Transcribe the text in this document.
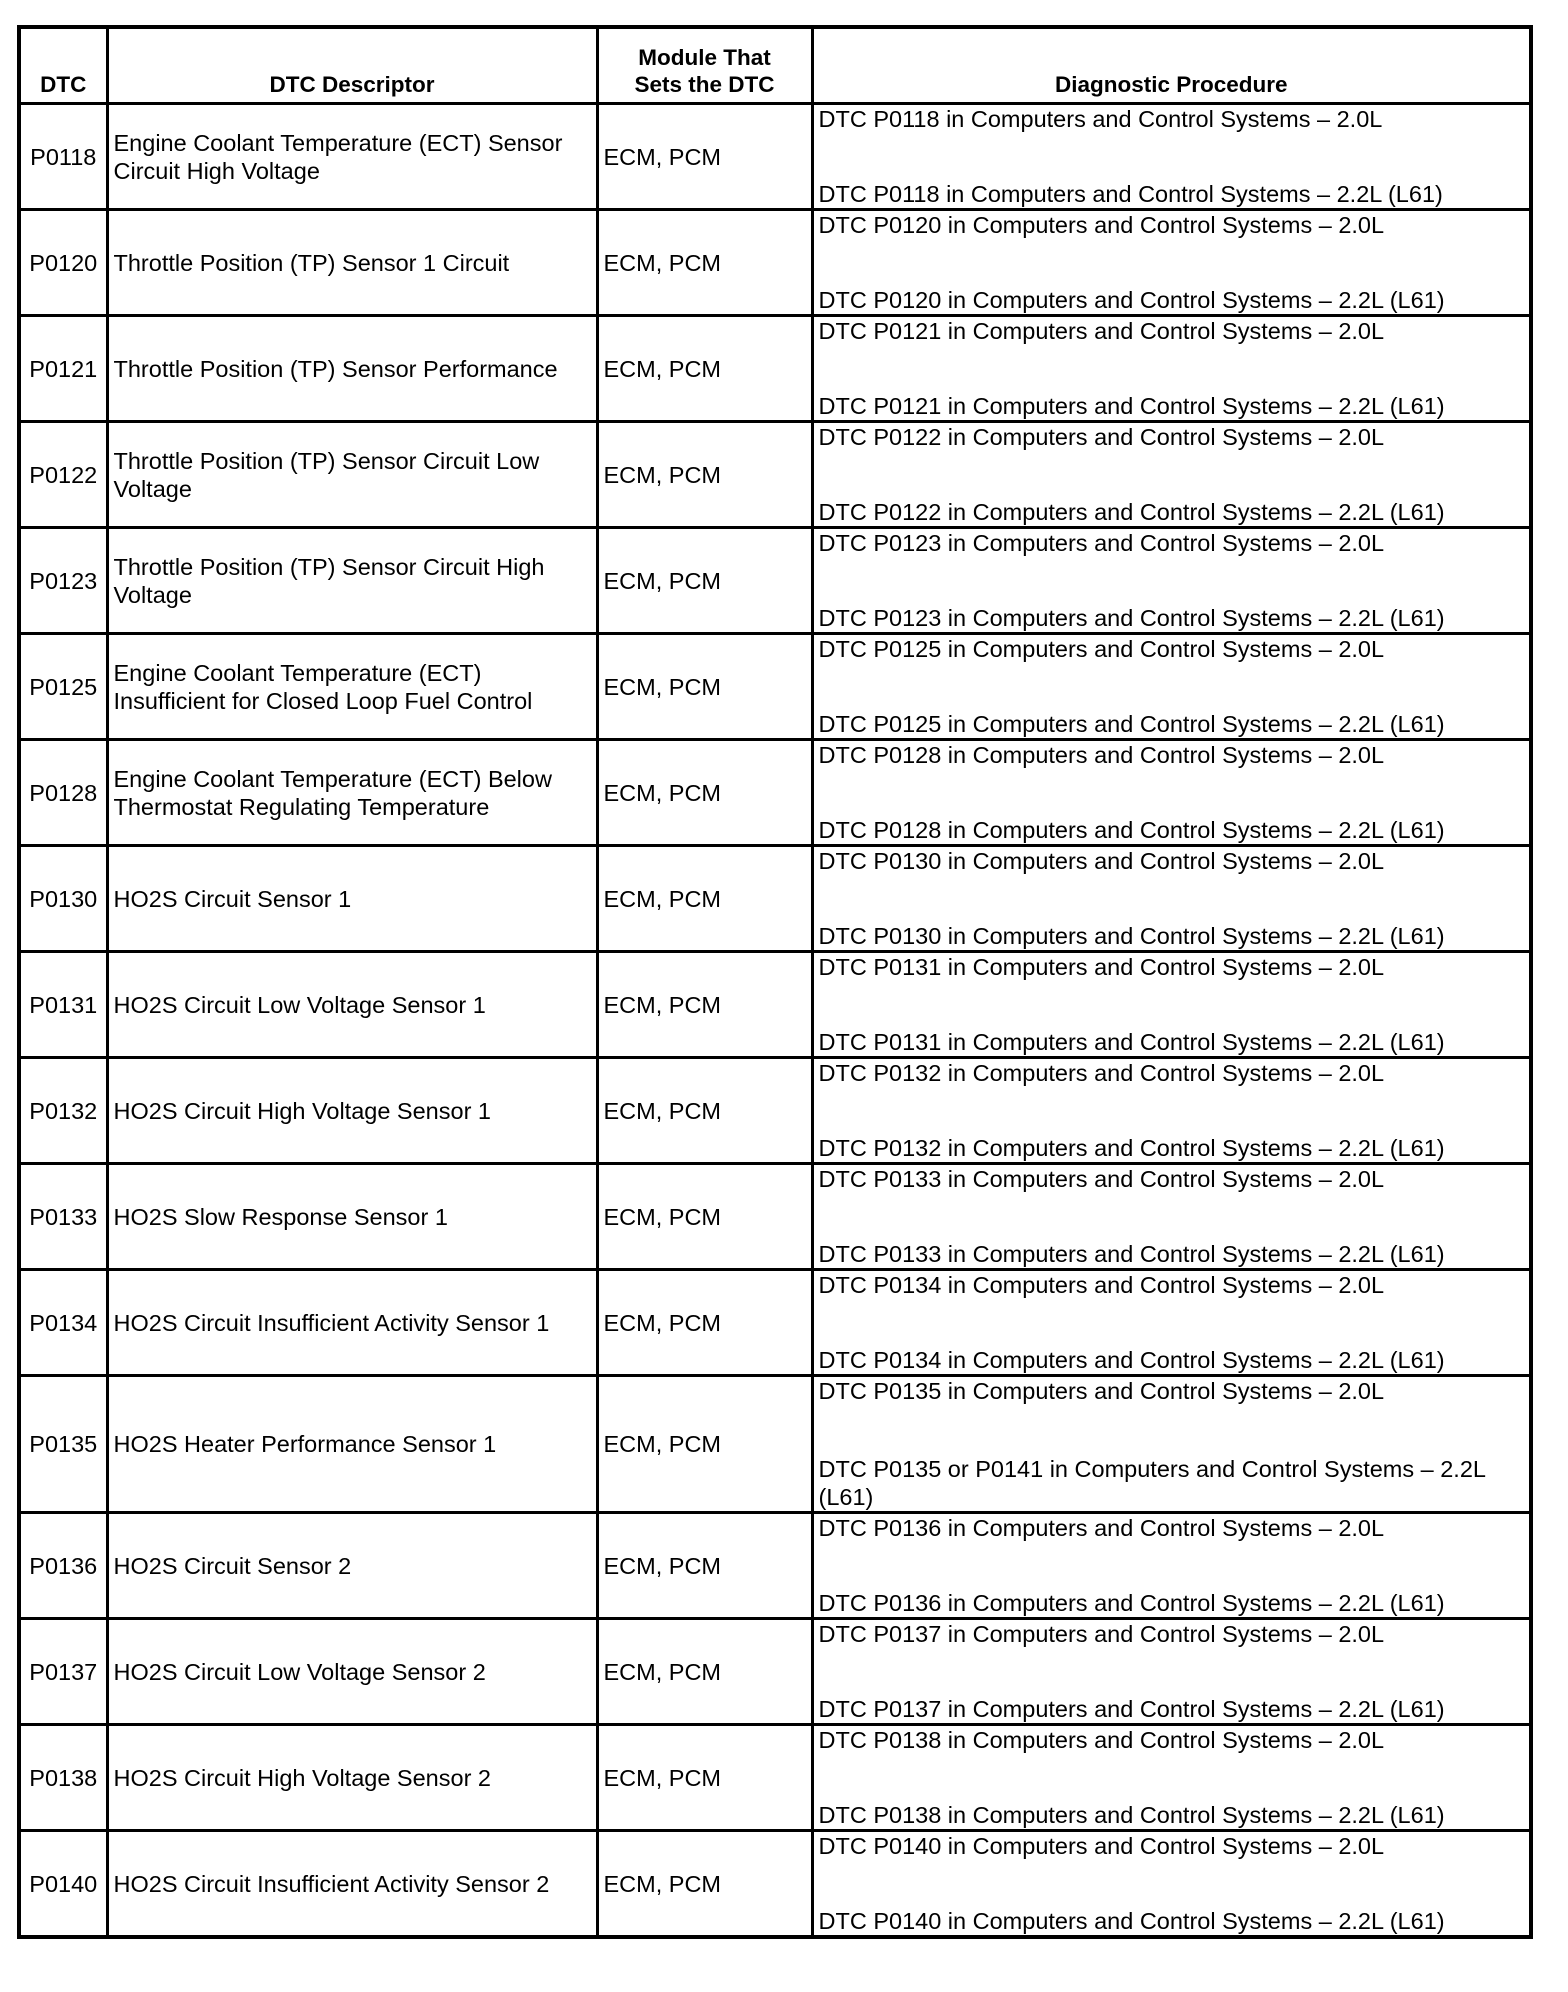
DTC	DTC Descriptor	Module That Sets the DTC	Diagnostic Procedure
P0118	Engine Coolant Temperature (ECT) Sensor Circuit High Voltage	ECM, PCM	DTC P0118 in Computers and Control Systems – 2.0L
DTC P0118 in Computers and Control Systems – 2.2L (L61)

P0120	Throttle Position (TP) Sensor 1 Circuit	ECM, PCM	DTC P0120 in Computers and Control Systems – 2.0L
DTC P0120 in Computers and Control Systems – 2.2L (L61)

P0121	Throttle Position (TP) Sensor Performance	ECM, PCM	DTC P0121 in Computers and Control Systems – 2.0L
DTC P0121 in Computers and Control Systems – 2.2L (L61)

P0122	Throttle Position (TP) Sensor Circuit Low Voltage	ECM, PCM	DTC P0122 in Computers and Control Systems – 2.0L
DTC P0122 in Computers and Control Systems – 2.2L (L61)

P0123	Throttle Position (TP) Sensor Circuit High Voltage	ECM, PCM	DTC P0123 in Computers and Control Systems – 2.0L
DTC P0123 in Computers and Control Systems – 2.2L (L61)

P0125	Engine Coolant Temperature (ECT) Insufficient for Closed Loop Fuel Control	ECM, PCM	DTC P0125 in Computers and Control Systems – 2.0L
DTC P0125 in Computers and Control Systems – 2.2L (L61)

P0128	Engine Coolant Temperature (ECT) Below Thermostat Regulating Temperature	ECM, PCM	DTC P0128 in Computers and Control Systems – 2.0L
DTC P0128 in Computers and Control Systems – 2.2L (L61)

P0130	HO2S Circuit Sensor 1	ECM, PCM	DTC P0130 in Computers and Control Systems – 2.0L
DTC P0130 in Computers and Control Systems – 2.2L (L61)

P0131	HO2S Circuit Low Voltage Sensor 1	ECM, PCM	DTC P0131 in Computers and Control Systems – 2.0L
DTC P0131 in Computers and Control Systems – 2.2L (L61)

P0132	HO2S Circuit High Voltage Sensor 1	ECM, PCM	DTC P0132 in Computers and Control Systems – 2.0L
DTC P0132 in Computers and Control Systems – 2.2L (L61)

P0133	HO2S Slow Response Sensor 1	ECM, PCM	DTC P0133 in Computers and Control Systems – 2.0L
DTC P0133 in Computers and Control Systems – 2.2L (L61)

P0134	HO2S Circuit Insufficient Activity Sensor 1	ECM, PCM	DTC P0134 in Computers and Control Systems – 2.0L
DTC P0134 in Computers and Control Systems – 2.2L (L61)

P0135	HO2S Heater Performance Sensor 1	ECM, PCM	DTC P0135 in Computers and Control Systems – 2.0L
DTC P0135 or P0141 in Computers and Control Systems – 2.2L (L61)

P0136	HO2S Circuit Sensor 2	ECM, PCM	DTC P0136 in Computers and Control Systems – 2.0L
DTC P0136 in Computers and Control Systems – 2.2L (L61)

P0137	HO2S Circuit Low Voltage Sensor 2	ECM, PCM	DTC P0137 in Computers and Control Systems – 2.0L
DTC P0137 in Computers and Control Systems – 2.2L (L61)

P0138	HO2S Circuit High Voltage Sensor 2	ECM, PCM	DTC P0138 in Computers and Control Systems – 2.0L
DTC P0138 in Computers and Control Systems – 2.2L (L61)

P0140	HO2S Circuit Insufficient Activity Sensor 2	ECM, PCM	DTC P0140 in Computers and Control Systems – 2.0L
DTC P0140 in Computers and Control Systems – 2.2L (L61)
